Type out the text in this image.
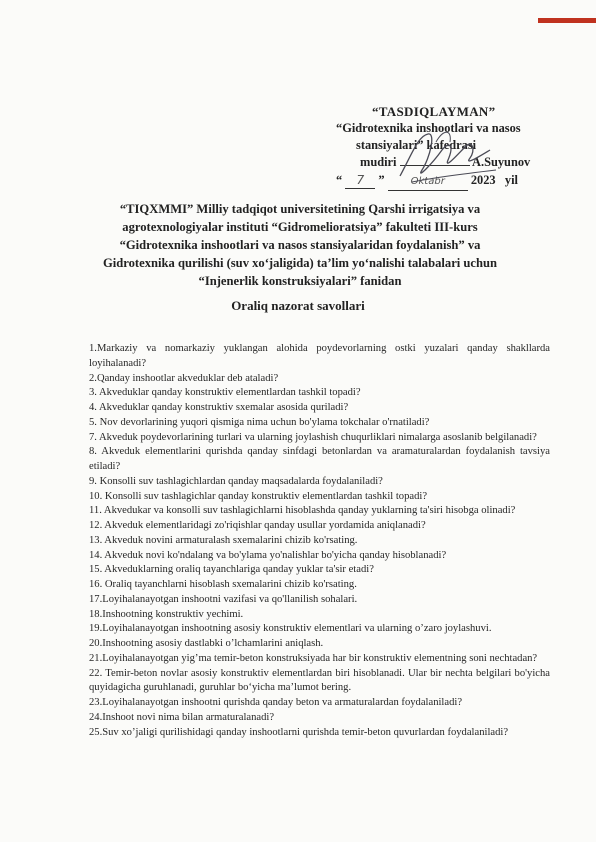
“TASDIQLAYMAN”
“Gidrotexnika inshootlari va nasos
stansiyalari” kafedrasi
mudiri	A.Suyunov
“ 7 ”	Oktabr 2023 yil
“TIQXMMI” Milliy tadqiqot universitetining Qarshi irrigatsiya va
agrotexnologiyalar instituti “Gidromelioratsiya” fakulteti III-kurs
“Gidrotexnika inshootlari va nasos stansiyalaridan foydalanish” va
Gidrotexnika qurilishi (suv xo‘jaligida) ta’lim yo‘nalishi talabalari uchun
“Injenerlik konstruksiyalari” fanidan
Oraliq nazorat savollari
1.Markaziy va nomarkaziy yuklangan alohida poydevorlarning ostki yuzalari qanday shakllarda loyihalanadi?
2.Qanday inshootlar akveduklar deb ataladi?
3. Akveduklar qanday konstruktiv elementlardan tashkil topadi?
4. Akveduklar qanday konstruktiv sxemalar asosida quriladi?
5. Nov devorlarining yuqori qismiga nima uchun bo'ylama tokchalar o'rnatiladi?
7. Akveduk poydevorlarining turlari va ularning joylashish chuqurliklari nimalarga asoslanib belgilanadi?
8. Akveduk elementlarini qurishda qanday sinfdagi betonlardan va aramaturalardan foydalanish tavsiya etiladi?
9. Konsolli suv tashlagichlardan qanday maqsadalarda foydalaniladi?
10. Konsolli suv tashlagichlar qanday konstruktiv elementlardan tashkil topadi?
11. Akvedukar va konsolli suv tashlagichlarni hisoblashda qanday yuklarning ta'siri hisobga olinadi?
12. Akveduk elementlaridagi zo'riqishlar qanday usullar yordamida aniqlanadi?
13. Akveduk novini armaturalash sxemalarini chizib ko'rsating.
14. Akveduk novi ko'ndalang va bo'ylama yo'nalishlar bo'yicha qanday hisoblanadi?
15. Akveduklarning oraliq tayanchlariga qanday yuklar ta'sir etadi?
16. Oraliq tayanchlarni hisoblash sxemalarini chizib ko'rsating.
17.Loyihalanayotgan inshootni vazifasi va qo'llanilish sohalari.
18.Inshootning konstruktiv yechimi.
19.Loyihalanayotgan inshootning asosiy konstruktiv elementlari va ularning o’zaro joylashuvi.
20.Inshootning asosiy dastlabki o’lchamlarini aniqlash.
21.Loyihalanayotgan yig’ma temir-beton konstruksiyada har bir konstruktiv elementning soni nechtadan?
22. Temir-beton novlar asosiy konstruktiv elementlardan biri hisoblanadi. Ular bir nechta belgilari bo'yicha quyidagicha guruhlanadi, guruhlar bo‘yicha ma’lumot bering.
23.Loyihalanayotgan inshootni qurishda qanday beton va armaturalardan foydalaniladi?
24.Inshoot novi nima bilan armaturalanadi?
25.Suv xo’jaligi qurilishidagi qanday inshootlarni qurishda temir-beton quvurlardan foydalaniladi?
